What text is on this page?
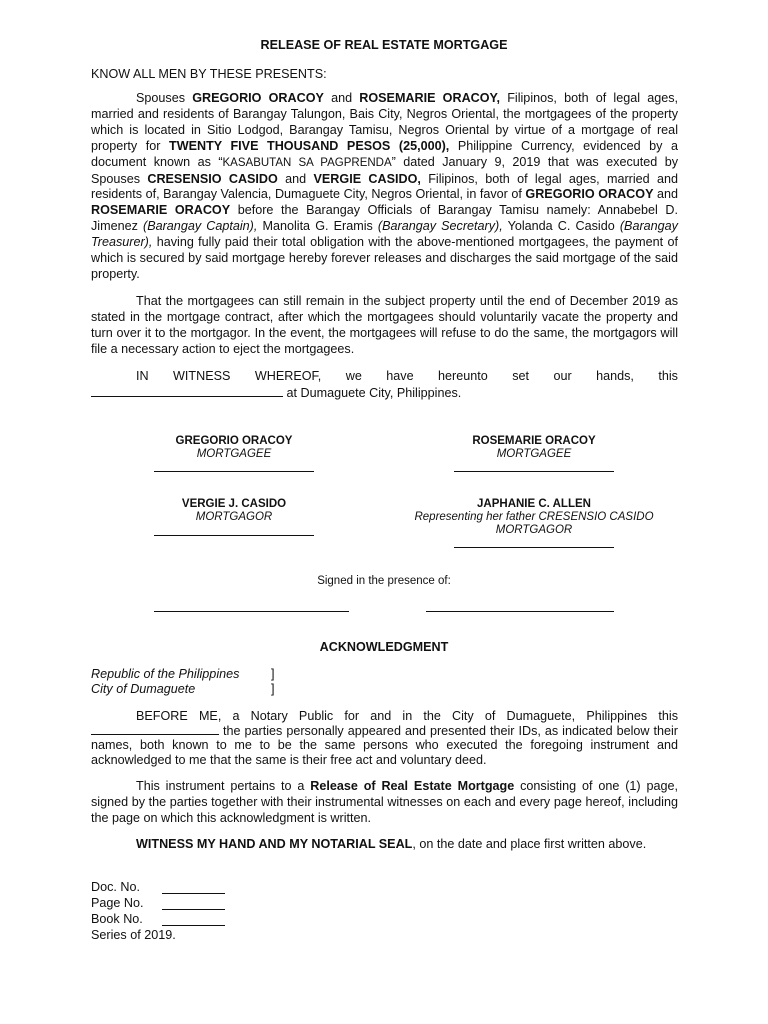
RELEASE OF REAL ESTATE MORTGAGE
KNOW ALL MEN BY THESE PRESENTS:

Spouses GREGORIO ORACOY and ROSEMARIE ORACOY, Filipinos, both of legal ages, married and residents of Barangay Talungon, Bais City, Negros Oriental, the mortgagees of the property which is located in Sitio Lodgod, Barangay Tamisu, Negros Oriental by virtue of a mortgage of real property for TWENTY FIVE THOUSAND PESOS (25,000), Philippine Currency, evidenced by a document known as “KASABUTAN SA PAGPRENDA” dated January 9, 2019 that was executed by Spouses CRESENSIO CASIDO and VERGIE CASIDO, Filipinos, both of legal ages, married and residents of, Barangay Valencia, Dumaguete City, Negros Oriental, in favor of GREGORIO ORACOY and ROSEMARIE ORACOY before the Barangay Officials of Barangay Tamisu namely: Annabebel D. Jimenez (Barangay Captain), Manolita G. Eramis (Barangay Secretary), Yolanda C. Casido (Barangay Treasurer), having fully paid their total obligation with the above-mentioned mortgagees, the payment of which is secured by said mortgage hereby forever releases and discharges the said mortgage of the said property.

That the mortgagees can still remain in the subject property until the end of December 2019 as stated in the mortgage contract, after which the mortgagees should voluntarily vacate the property and turn over it to the mortgagor. In the event, the mortgagees will refuse to do the same, the mortgagors will file a necessary action to eject the mortgagees.

IN WITNESS WHEREOF, we have hereunto set our hands, this
at Dumaguete City, Philippines.
GREGORIO ORACOY
MORTGAGEE
ROSEMARIE ORACOY
MORTGAGEE
VERGIE J. CASIDO
MORTGAGOR
JAPHANIE C. ALLEN
Representing her father CRESENSIO CASIDO
MORTGAGOR
Signed in the presence of:
ACKNOWLEDGMENT
Republic of the Philippines	]
City of Dumaguete	]

BEFORE ME, a Notary Public for and in the City of Dumaguete, Philippines this  the parties personally appeared and presented their IDs, as indicated below their names, both known to me to be the same persons who executed the foregoing instrument and acknowledged to me that the same is their free act and voluntary deed.

This instrument pertains to a Release of Real Estate Mortgage consisting of one (1) page, signed by the parties together with their instrumental witnesses on each and every page hereof, including the page on which this acknowledgment is written.

WITNESS MY HAND AND MY NOTARIAL SEAL, on the date and place first written above.

Doc. No.
Page No.
Book No.
Series of 2019.
